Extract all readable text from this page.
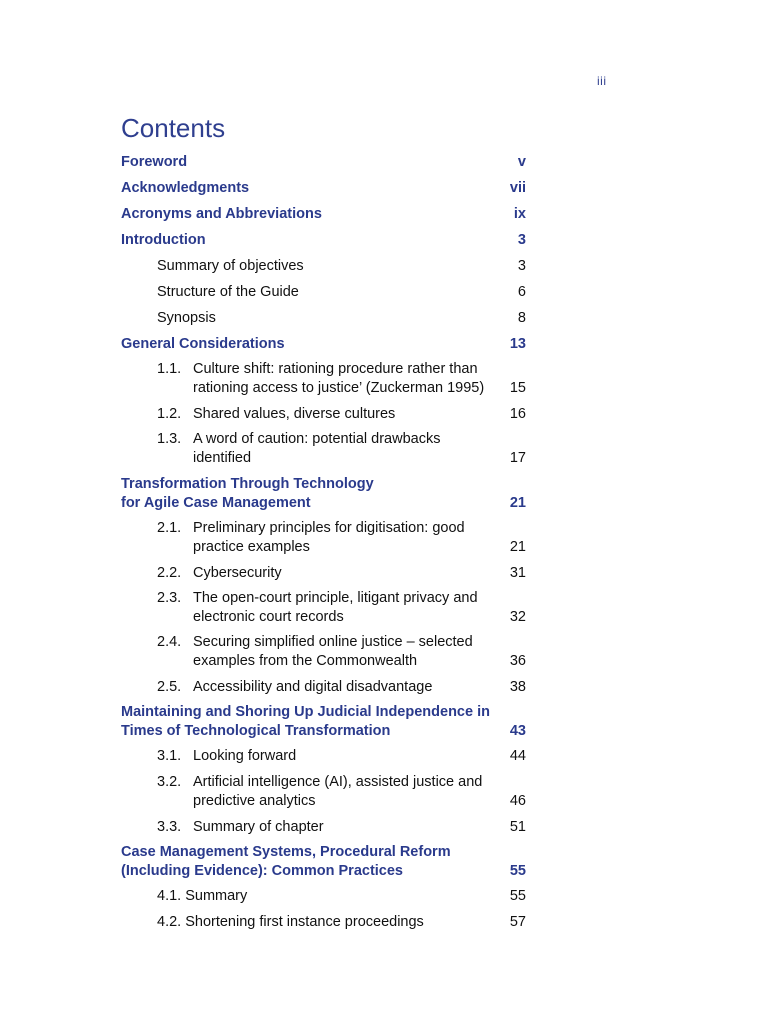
iii
Contents
Foreword	v
Acknowledgments	vii
Acronyms and Abbreviations	ix
Introduction	3
Summary of objectives	3
Structure of the Guide	6
Synopsis	8
General Considerations	13
1.1. Culture shift: rationing procedure rather than rationing access to justice’ (Zuckerman 1995)	15
1.2. Shared values, diverse cultures	16
1.3. A word of caution: potential drawbacks identified	17
Transformation Through Technology for Agile Case Management	21
2.1. Preliminary principles for digitisation: good practice examples	21
2.2. Cybersecurity	31
2.3. The open-court principle, litigant privacy and electronic court records	32
2.4. Securing simplified online justice – selected examples from the Commonwealth	36
2.5. Accessibility and digital disadvantage	38
Maintaining and Shoring Up Judicial Independence in Times of Technological Transformation	43
3.1. Looking forward	44
3.2. Artificial intelligence (AI), assisted justice and predictive analytics	46
3.3. Summary of chapter	51
Case Management Systems, Procedural Reform (Including Evidence): Common Practices	55
4.1. Summary	55
4.2. Shortening first instance proceedings	57
